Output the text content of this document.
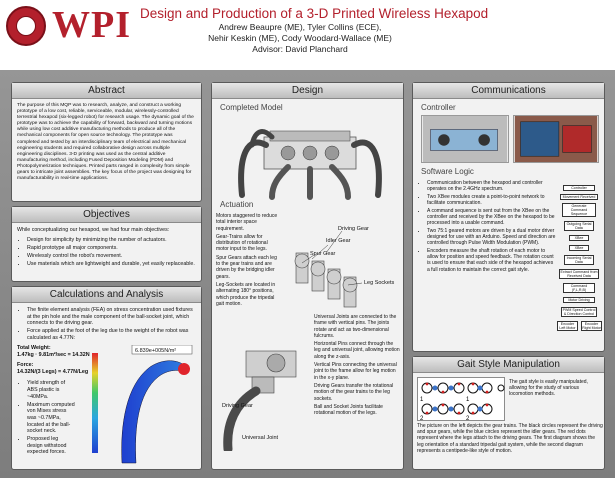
WPI Design and Production of a 3-D Printed Wireless Hexapod
Andrew Beaupre (ME), Tyler Collins (ECE),
Nehir Keskin (ME), Cody Woodard-Wallace (ME)
Advisor: David Planchard
Abstract
The purpose of this MQP was to research, analyze, and construct a working prototype of a low cost, reliable, serviceable, modular, wirelessly-controlled terrestrial hexapod (six-legged robot) for research usage. The dynamic goal of the prototype was to achieve the capability of forward, backward and turning motions while using low cost additive manufacturing methods to produce all of the mechanical components for open source technology. The prototype was completed and tested by an interdisciplinary team of electrical and mechanical engineering students and required collaborative design across multiple engineering disciplines. 3-D printing was used as the central additive manufacturing method, including Fused Deposition Modeling (FDM) and Photopolymerization techniques. Printed parts ranged in complexity from simple gears to intricate joint assemblies. The key focus of the project was designing for manufacturability in real-time applications.
Objectives
While conceptualizing our hexapod, we had four main objectives:
• Design for simplicity by minimizing the number of actuators.
• Rapid prototype all major components.
• Wirelessly control the robot's movement.
• Use materials which are lightweight and durable, yet easily replaceable.
Calculations and Analysis
• The finite element analysis (FEA) on stress concentration used fixtures at the pin hole and the male component of the ball-socket joint, which connects to the driving gear.
• Force applied at the foot of the leg due to the weight of the robot was calculated as 4.77N:
Total Weight:
1.47kg · 9.81m²/sec = 14.32N
Force:
14.32N/(3 Legs) = 4.77N/Leg
• Yield strength of ABS plastic is ~40MPa.
• Maximum computed von Mises stress was ~0.7MPa, located at the ball-socket neck.
• Proposed leg design withstood expected forces.
6.839e+005N/m²
Design
Completed Model
Actuation

Motors staggered to reduce total interior space requirement.

Gear-Trains allow for distribution of rotational motor input to the legs.

Spur Gears attach each leg to the gear trains and are driven by the bridging idler gears.

Leg-Sockets are located in alternating 180° positions, which produce the tripedal gait motion.

Driving Gear
Idler Gear
Spur Gear
Leg Sockets
Driving Gear
Universal Joint

Universal Joints are connected to the frame with vertical pins. The joints rotate and act as two-dimensional fulcrums.

Horizontal Pins connect through the leg and universal joint, allowing motion along the z-axis.

Vertical Pins connecting the universal joint to the frame allow for leg motion in the x-y plane.

Driving Gears transfer the rotational motion of the gear trains to the leg sockets.

Ball and Socket Joints facilitate rotational motion of the legs.

Communications
Controller
Software Logic
• Communication between the hexapod and controller operates on the 2.4GHz spectrum.
• Two XBee modules create a point-to-point network to facilitate communication.
• A command sequence is sent out from the XBee on the controller and received by the XBee on the hexapod to be processed into a usable command.
• Two 75:1 geared motors are driven by a dual motor driver designed for use with an Arduino. Speed and direction are controlled through Pulse Width Modulation (PWM).
• Encoders measure the shaft rotation of each motor to allow for position and speed feedback. The rotation count is used to ensure that each side of the hexapod achieves a full rotation to maintain the correct gait style.
Controller
Movement Received
Generate Command Sequence
Outgoing Serial Data
XBee
XBee
Incoming Serial Data
Extract Command from Received Data
Command (F,L,R,B)
Motor Driving
PWM Speed Control & Direction Control
Encoder Left Motor
Encoder Right Motor
Gait Style Manipulation
1
2
1
2
The gait style is easily manipulated, allowing for the study of various locomotion methods.
The picture on the left depicts the gear trains. The black circles represent the driving and spur gears, while the blue circles represent the idler gears. The red dots represent where the legs attach to the driving gears. The first diagram shows the leg orientation of a standard tripedal gait system, while the second diagram represents a centipede-like style of motion.
